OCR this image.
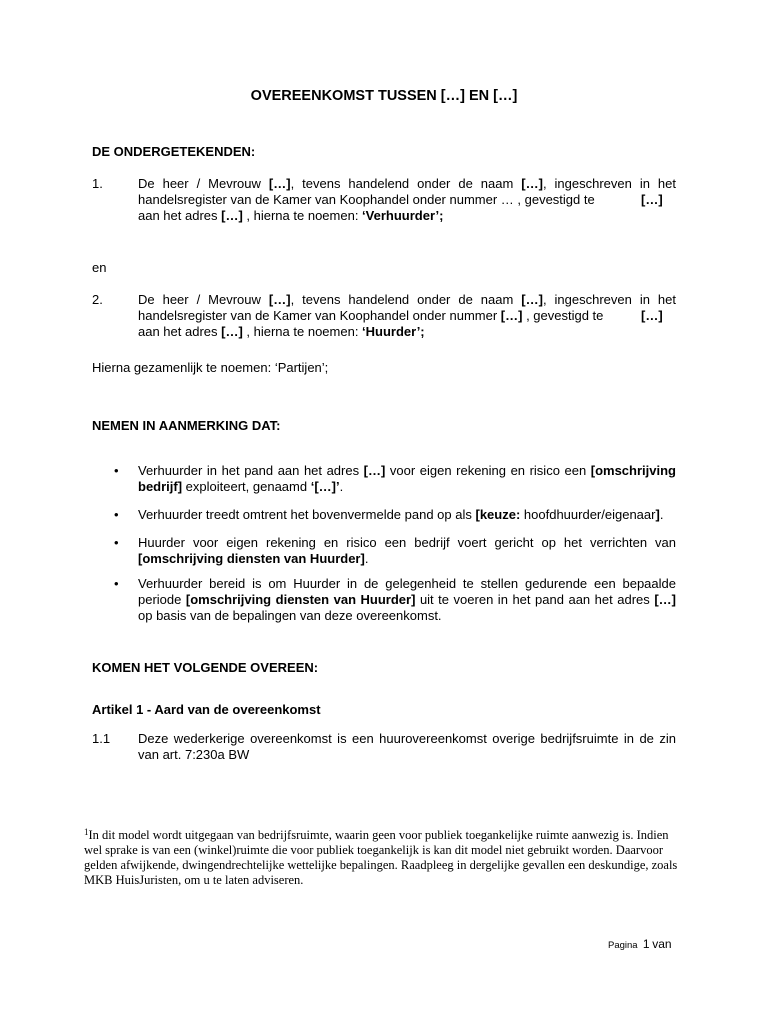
OVEREENKOMST TUSSEN […] EN […]
DE ONDERGETEKENDEN:
1.	De heer / Mevrouw […], tevens handelend onder de naam […], ingeschreven in het
handelsregister van de Kamer van Koophandel onder nummer … , gevestigd te	[…]
aan het adres […] , hierna te noemen: ‘Verhuurder’;
en
2.	De heer / Mevrouw […], tevens handelend onder de naam […], ingeschreven in het
handelsregister van de Kamer van Koophandel onder nummer […] , gevestigd te	[…]
aan het adres […] , hierna te noemen: ‘Huurder’;
Hierna gezamenlijk te noemen: ‘Partijen’;
NEMEN IN AANMERKING DAT:
• Verhuurder in het pand aan het adres […] voor eigen rekening en risico een [omschrijving bedrijf] exploiteert, genaamd ‘[…]’.
• Verhuurder treedt omtrent het bovenvermelde pand op als [keuze: hoofdhuurder/eigenaar].
• Huurder voor eigen rekening en risico een bedrijf voert gericht op het verrichten van [omschrijving diensten van Huurder].
• Verhuurder bereid is om Huurder in de gelegenheid te stellen gedurende een bepaalde periode [omschrijving diensten van Huurder] uit te voeren in het pand aan het adres […] op basis van de bepalingen van deze overeenkomst.
KOMEN HET VOLGENDE OVEREEN:
Artikel 1 - Aard van de overeenkomst
1.1 Deze wederkerige overeenkomst is een huurovereenkomst overige bedrijfsruimte in de zin
van art. 7:230a BW
$^1$In dit model wordt uitgegaan van bedrijfsruimte, waarin geen voor publiek toegankelijke ruimte aanwezig is. Indien wel sprake is van een (winkel)ruimte die voor publiek toegankelijk is kan dit model niet gebruikt worden. Daarvoor gelden afwijkende, dwingendrechtelijke wettelijke bepalingen. Raadpleeg in dergelijke gevallen een deskundige, zoals MKB HuisJuristen, om u te laten adviseren.
Pagina 1 van
